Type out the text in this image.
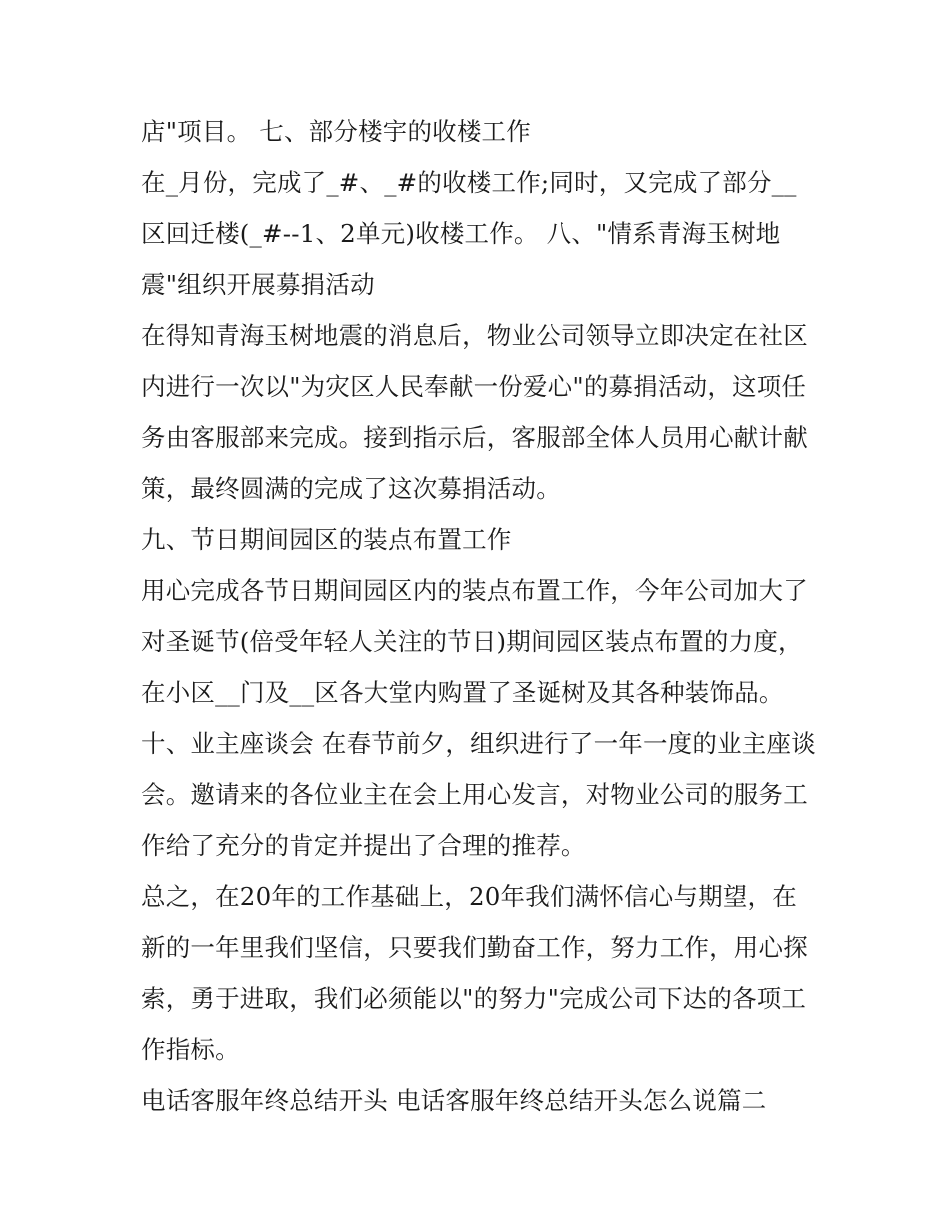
店"项目。 七、部分楼宇的收楼工作

在_月份，完成了_#、_#的收楼工作;同时，又完成了部分__区回迁楼(_#--1、2单元)收楼工作。 八、"情系青海玉树地震"组织开展募捐活动

在得知青海玉树地震的消息后，物业公司领导立即决定在社区内进行一次以"为灾区人民奉献一份爱心"的募捐活动，这项任务由客服部来完成。接到指示后，客服部全体人员用心献计献策，最终圆满的完成了这次募捐活动。

九、节日期间园区的装点布置工作

用心完成各节日期间园区内的装点布置工作，今年公司加大了对圣诞节(倍受年轻人关注的节日)期间园区装点布置的力度，在小区__门及__区各大堂内购置了圣诞树及其各种装饰品。

十、业主座谈会 在春节前夕，组织进行了一年一度的业主座谈会。邀请来的各位业主在会上用心发言，对物业公司的服务工作给了充分的肯定并提出了合理的推荐。

总之，在20年的工作基础上，20年我们满怀信心与期望，在新的一年里我们坚信，只要我们勤奋工作，努力工作，用心探索，勇于进取，我们必须能以"的努力"完成公司下达的各项工作指标。

电话客服年终总结开头 电话客服年终总结开头怎么说篇二
